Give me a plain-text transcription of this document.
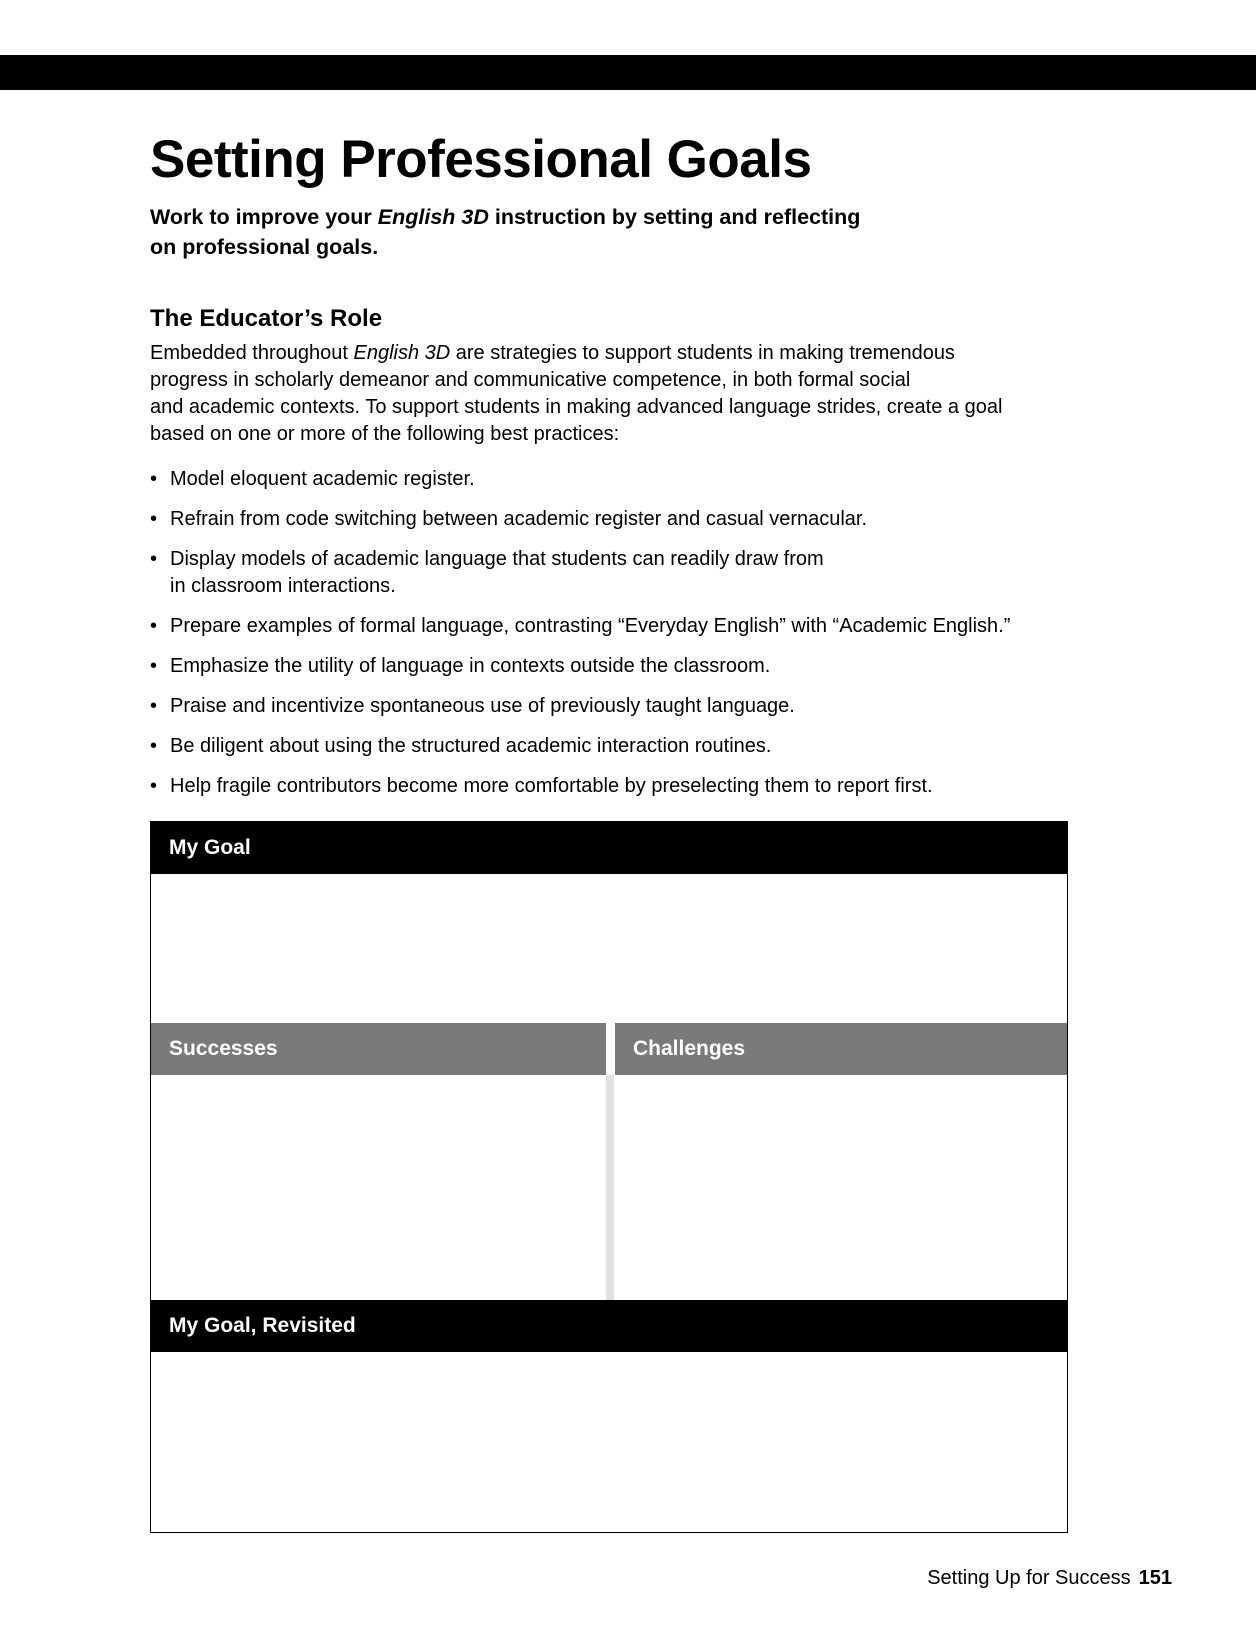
Setting Professional Goals

Work to improve your English 3D instruction by setting and reflecting
on professional goals.

The Educator’s Role

Embedded throughout English 3D are strategies to support students in making tremendous
progress in scholarly demeanor and communicative competence, in both formal social
and academic contexts. To support students in making advanced language strides, create a goal
based on one or more of the following best practices:

• Model eloquent academic register.
• Refrain from code switching between academic register and casual vernacular.
• Display models of academic language that students can readily draw from
in classroom interactions.
• Prepare examples of formal language, contrasting “Everyday English” with “Academic English.”
• Emphasize the utility of language in contexts outside the classroom.
• Praise and incentivize spontaneous use of previously taught language.
• Be diligent about using the structured academic interaction routines.
• Help fragile contributors become more comfortable by preselecting them to report first.
My Goal
Successes	Challenges
My Goal, Revisited
Setting Up for Success 151
